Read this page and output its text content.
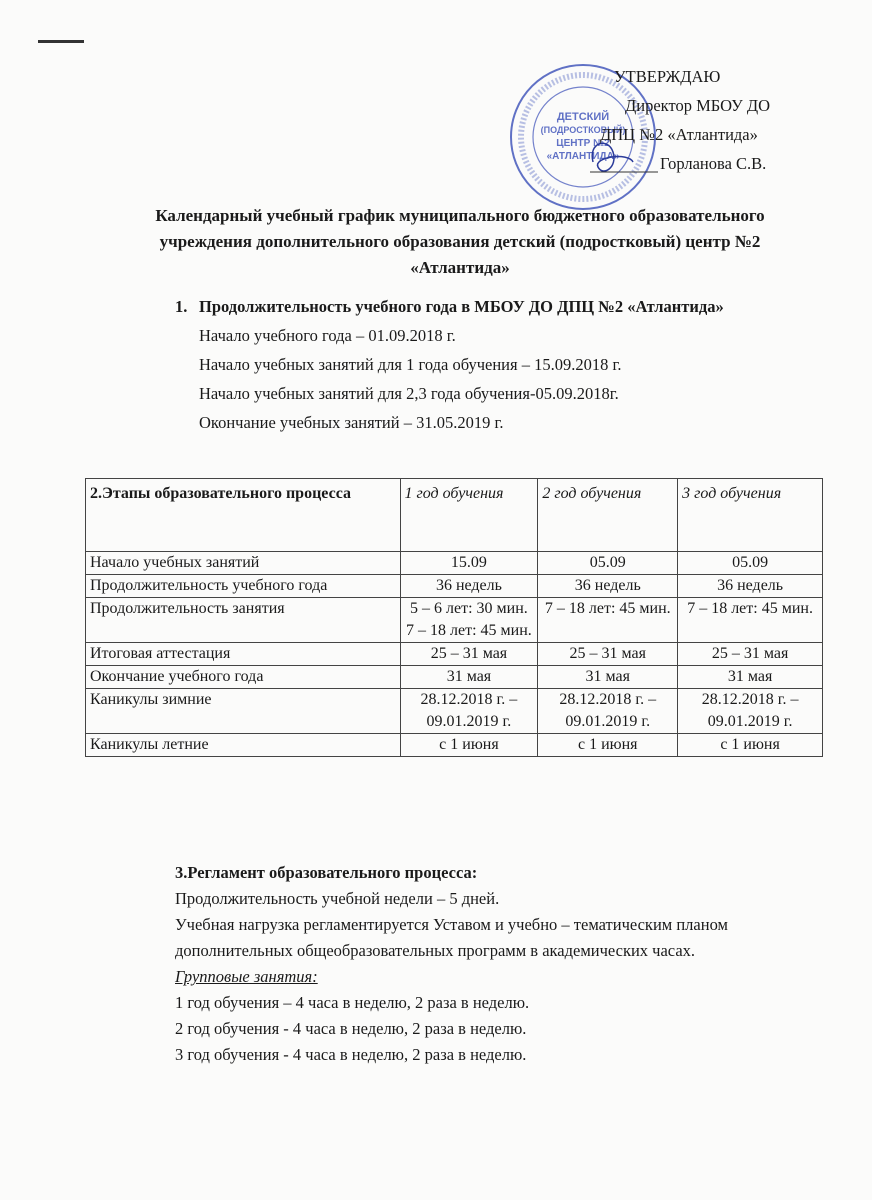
ДЕТСКИЙ
(ПОДРОСТКОВЫЙ)
ЦЕНТР №2
«АТЛАНТИДА»
УТВЕРЖДАЮ
Директор МБОУ ДО
ДПЦ №2 «Атлантида»
Горланова С.В.
Календарный учебный график муниципального бюджетного образовательного учреждения дополнительного образования детский (подростковый) центр №2 «Атлантида»
1. Продолжительность учебного года в МБОУ ДО ДПЦ №2 «Атлантида»
Начало учебного года – 01.09.2018 г.
Начало учебных занятий для 1 года обучения – 15.09.2018 г.
Начало учебных занятий для 2,3 года обучения-05.09.2018г.
Окончание учебных занятий – 31.05.2019 г.
2.Этапы образовательного процесса	1 год обучения	2 год обучения	3 год обучения
Начало учебных занятий	15.09	05.09	05.09
Продолжительность учебного года	36 недель	36 недель	36 недель
Продолжительность занятия	5 – 6 лет: 30 мин. 7 – 18 лет: 45 мин.	7 – 18 лет: 45 мин.	7 – 18 лет: 45 мин.
Итоговая аттестация	25 – 31 мая	25 – 31 мая	25 – 31 мая
Окончание учебного года	31 мая	31 мая	31 мая
Каникулы зимние	28.12.2018 г. – 09.01.2019 г.	28.12.2018 г. – 09.01.2019 г.	28.12.2018 г. – 09.01.2019 г.
Каникулы летние	с 1 июня	с 1 июня	с 1 июня
3.Регламент образовательного процесса:
Продолжительность учебной недели – 5 дней.
Учебная нагрузка регламентируется Уставом и учебно – тематическим планом дополнительных общеобразовательных программ в академических часах.
Групповые занятия:
1 год обучения – 4 часа в неделю, 2 раза в неделю.
2 год обучения - 4 часа в неделю, 2 раза в неделю.
3 год обучения - 4 часа в неделю, 2 раза в неделю.
